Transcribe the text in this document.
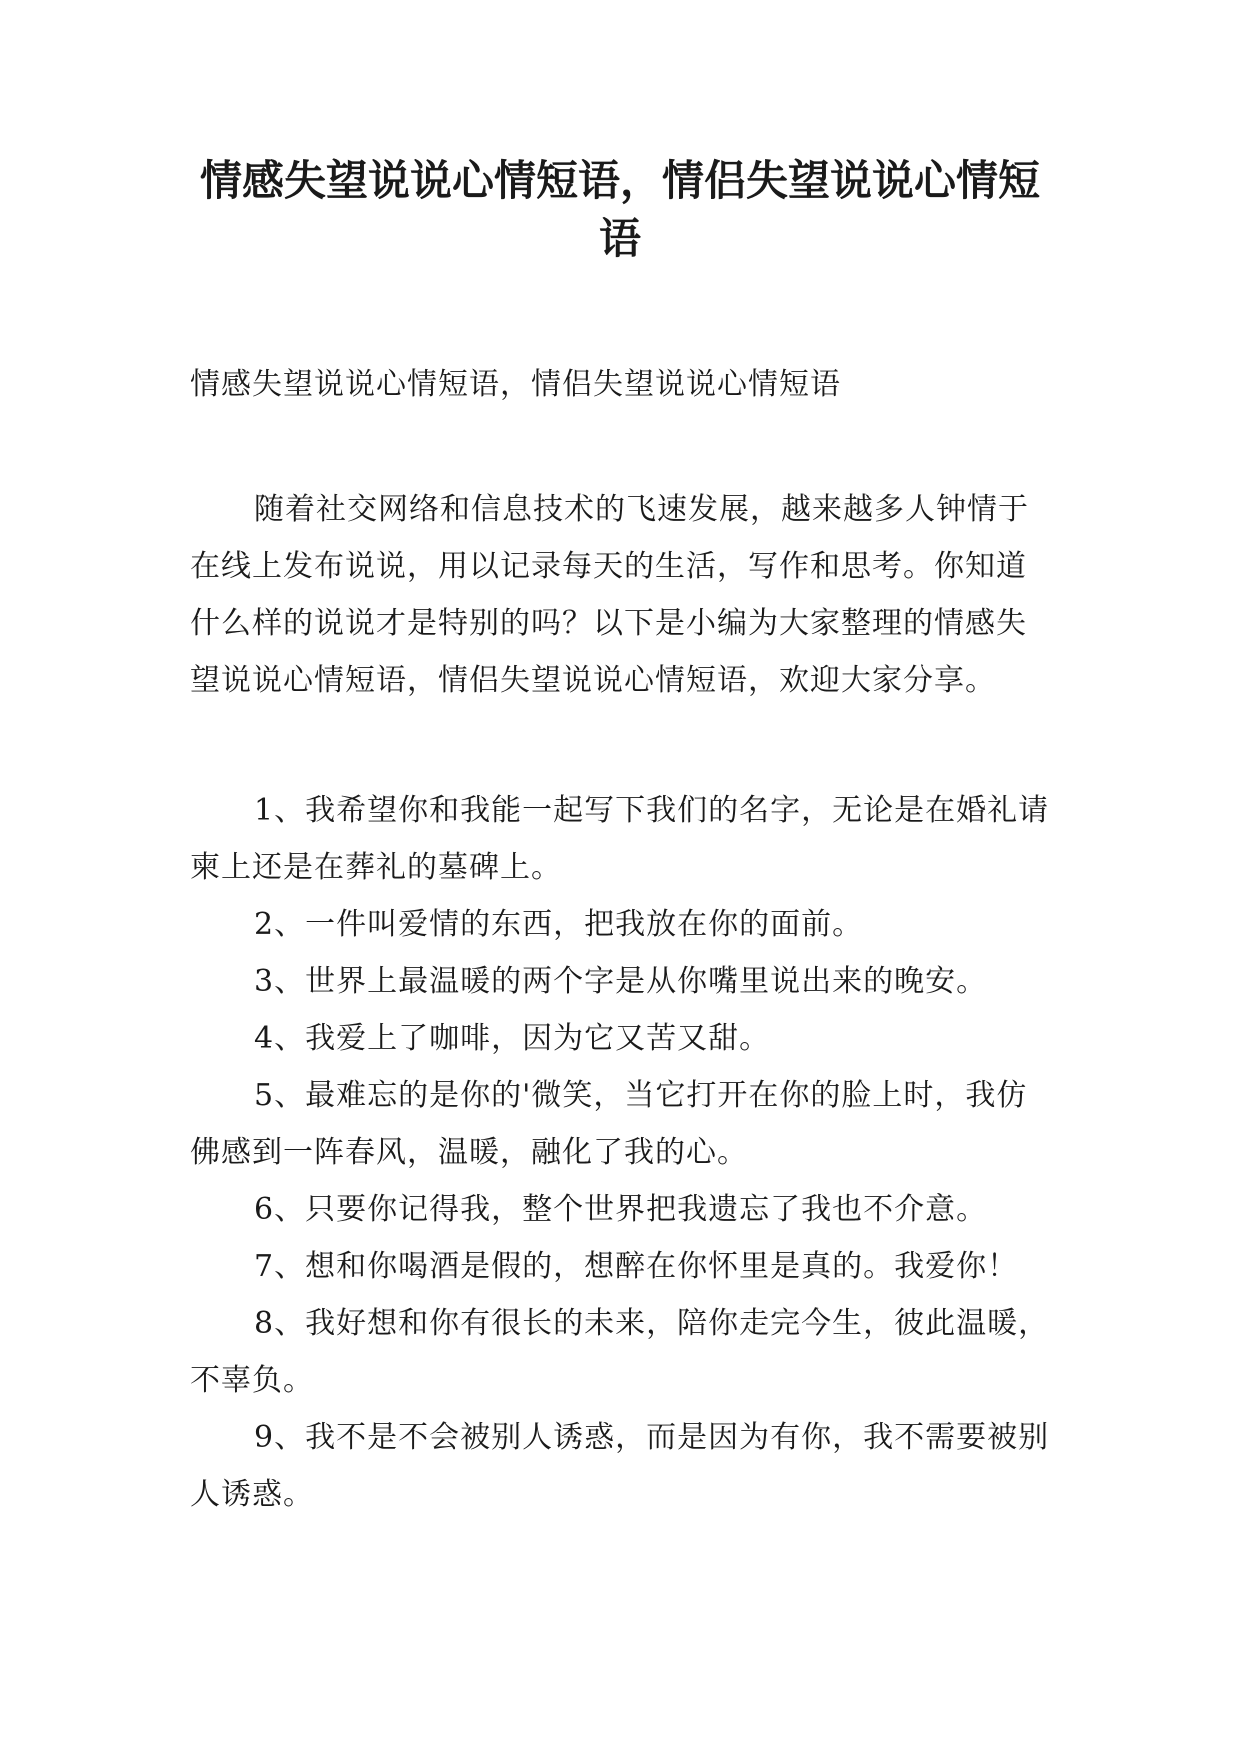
情感失望说说心情短语，情侣失望说说心情短语

情感失望说说心情短语，情侣失望说说心情短语

随着社交网络和信息技术的飞速发展，越来越多人钟情于在线上发布说说，用以记录每天的生活，写作和思考。你知道什么样的说说才是特别的吗？以下是小编为大家整理的情感失望说说心情短语，情侣失望说说心情短语，欢迎大家分享。

1、我希望你和我能一起写下我们的名字，无论是在婚礼请柬上还是在葬礼的墓碑上。

2、一件叫爱情的东西，把我放在你的面前。

3、世界上最温暖的两个字是从你嘴里说出来的晚安。

4、我爱上了咖啡，因为它又苦又甜。

5、最难忘的是你的'微笑，当它打开在你的脸上时，我仿佛感到一阵春风，温暖，融化了我的心。

6、只要你记得我，整个世界把我遗忘了我也不介意。

7、想和你喝酒是假的，想醉在你怀里是真的。我爱你！

8、我好想和你有很长的未来，陪你走完今生，彼此温暖，不辜负。

9、我不是不会被别人诱惑，而是因为有你，我不需要被别人诱惑。
